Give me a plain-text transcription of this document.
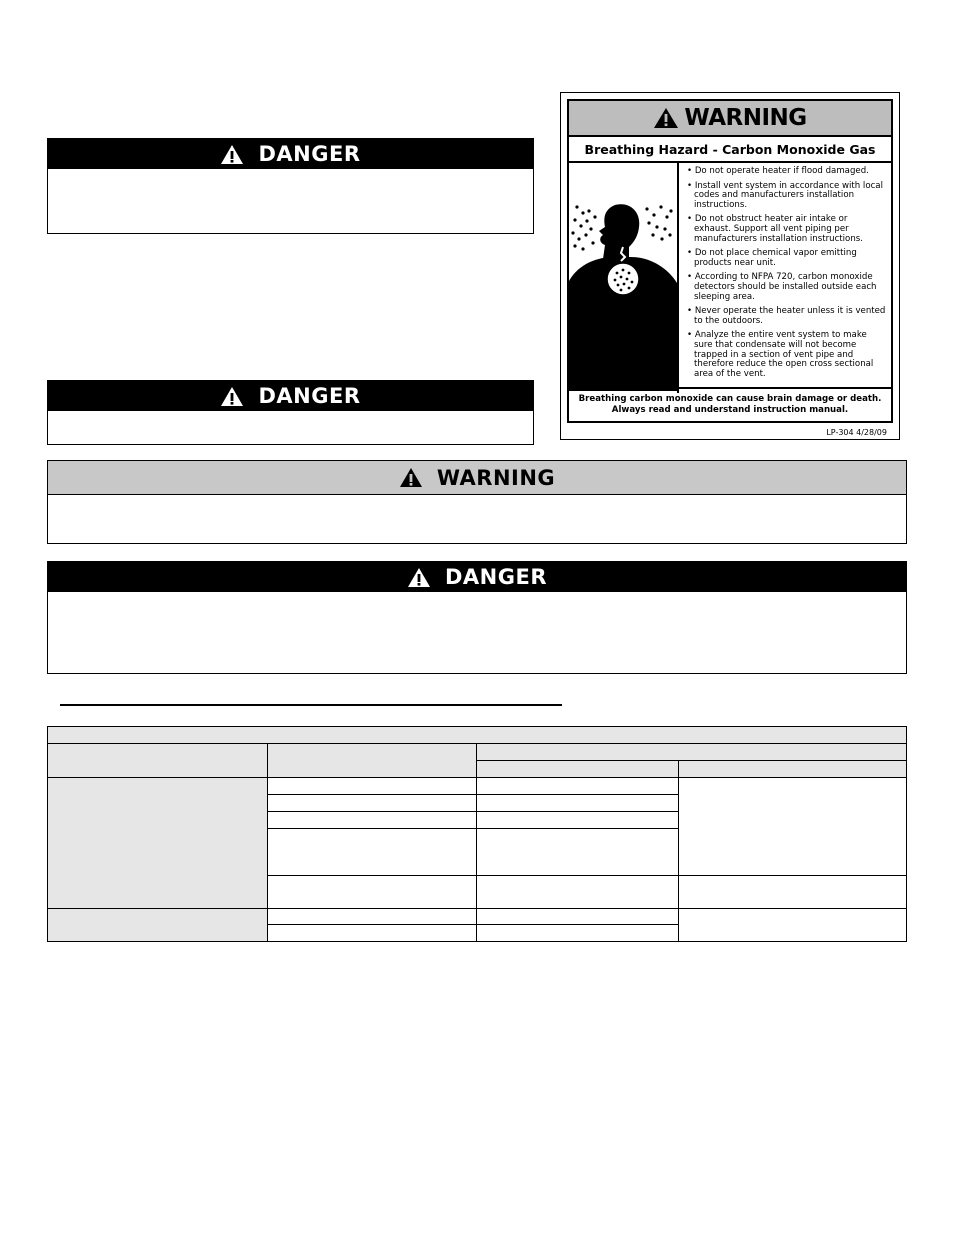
DANGER
DANGER
WARNING
Breathing Hazard - Carbon Monoxide Gas
• Do not operate heater if flood damaged.
• Install vent system in accordance with local codes and manufacturers installation instructions.
• Do not obstruct heater air intake or exhaust. Support all vent piping per manufacturers installation instructions.
• Do not place chemical vapor emitting products near unit.
• According to NFPA 720, carbon monoxide detectors should be installed outside each sleeping area.
• Never operate the heater unless it is vented to the outdoors.
• Analyze the entire vent system to make sure that condensate will not become trapped in a section of vent pipe and therefore reduce the open cross sectional area of the vent.
Breathing carbon monoxide can cause brain damage or death.
Always read and understand instruction manual.
LP-304 4/28/09
WARNING
DANGER
